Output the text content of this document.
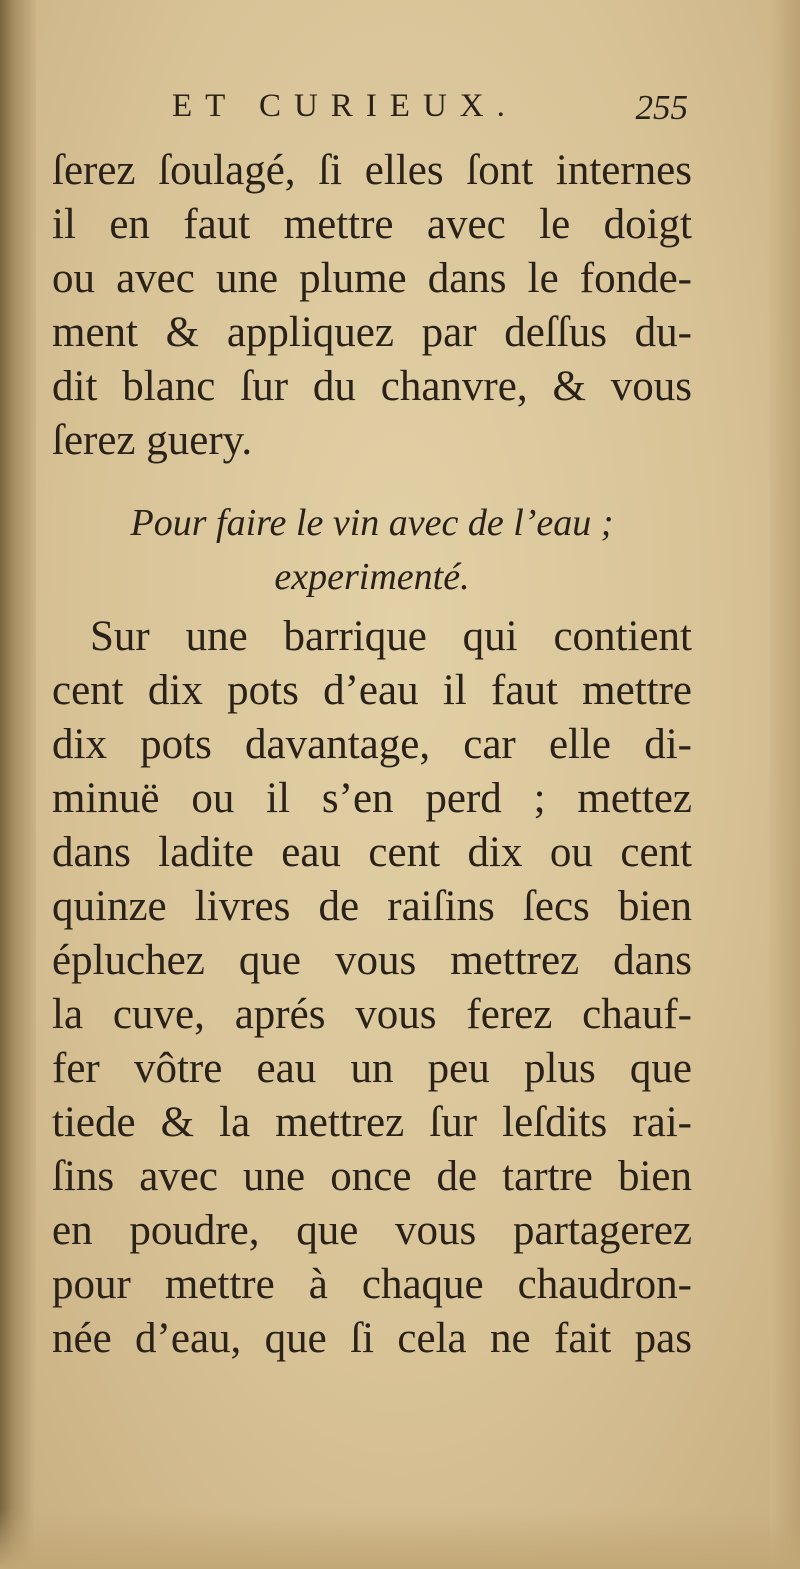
ET CURIEUX.	255
ſerez ſoulagé, ſi elles ſont internes
il en faut mettre avec le doigt
ou avec une plume dans le fonde-
ment & appliquez par deſſus du-
dit blanc ſur du chanvre, & vous
ſerez guery.
Pour faire le vin avec de l’eau ;
experimenté.
Sur une barrique qui contient
cent dix pots d’eau il faut mettre
dix pots davantage, car elle di-
minuë ou il s’en perd ; mettez
dans ladite eau cent dix ou cent
quinze livres de raiſins ſecs bien
épluchez que vous mettrez dans
la cuve, aprés vous ferez chauf-
fer vôtre eau un peu plus que
tiede & la mettrez ſur leſdits rai-
ſins avec une once de tartre bien
en poudre, que vous partagerez
pour mettre à chaque chaudron-
née d’eau, que ſi cela ne fait pas
